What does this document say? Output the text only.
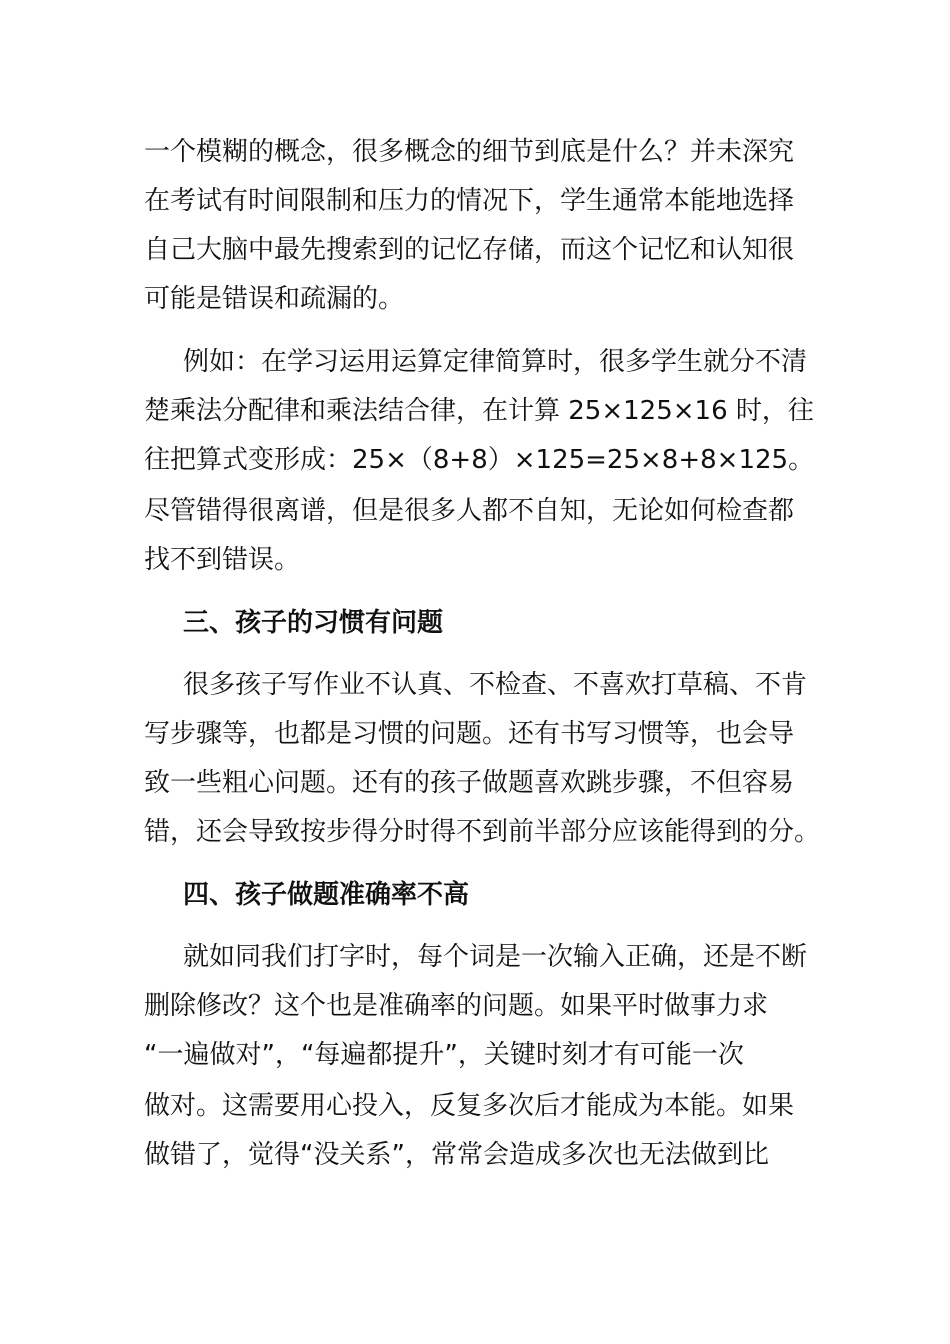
一个模糊的概念，很多概念的细节到底是什么？并未深究
在考试有时间限制和压力的情况下，学生通常本能地选择
自己大脑中最先搜索到的记忆存储，而这个记忆和认知很
可能是错误和疏漏的。
例如：在学习运用运算定律简算时，很多学生就分不清
楚乘法分配律和乘法结合律，在计算 25×125×16 时，往
往把算式变形成：25×（8+8）×125=25×8+8×125。
尽管错得很离谱，但是很多人都不自知，无论如何检查都
找不到错误。
三、孩子的习惯有问题
很多孩子写作业不认真、不检查、不喜欢打草稿、不肯
写步骤等，也都是习惯的问题。还有书写习惯等，也会导
致一些粗心问题。还有的孩子做题喜欢跳步骤，不但容易
错，还会导致按步得分时得不到前半部分应该能得到的分。
四、孩子做题准确率不高
就如同我们打字时，每个词是一次输入正确，还是不断
删除修改？这个也是准确率的问题。如果平时做事力求
“一遍做对”，“每遍都提升”，关键时刻才有可能一次
做对。这需要用心投入，反复多次后才能成为本能。如果
做错了，觉得“没关系”，常常会造成多次也无法做到比
